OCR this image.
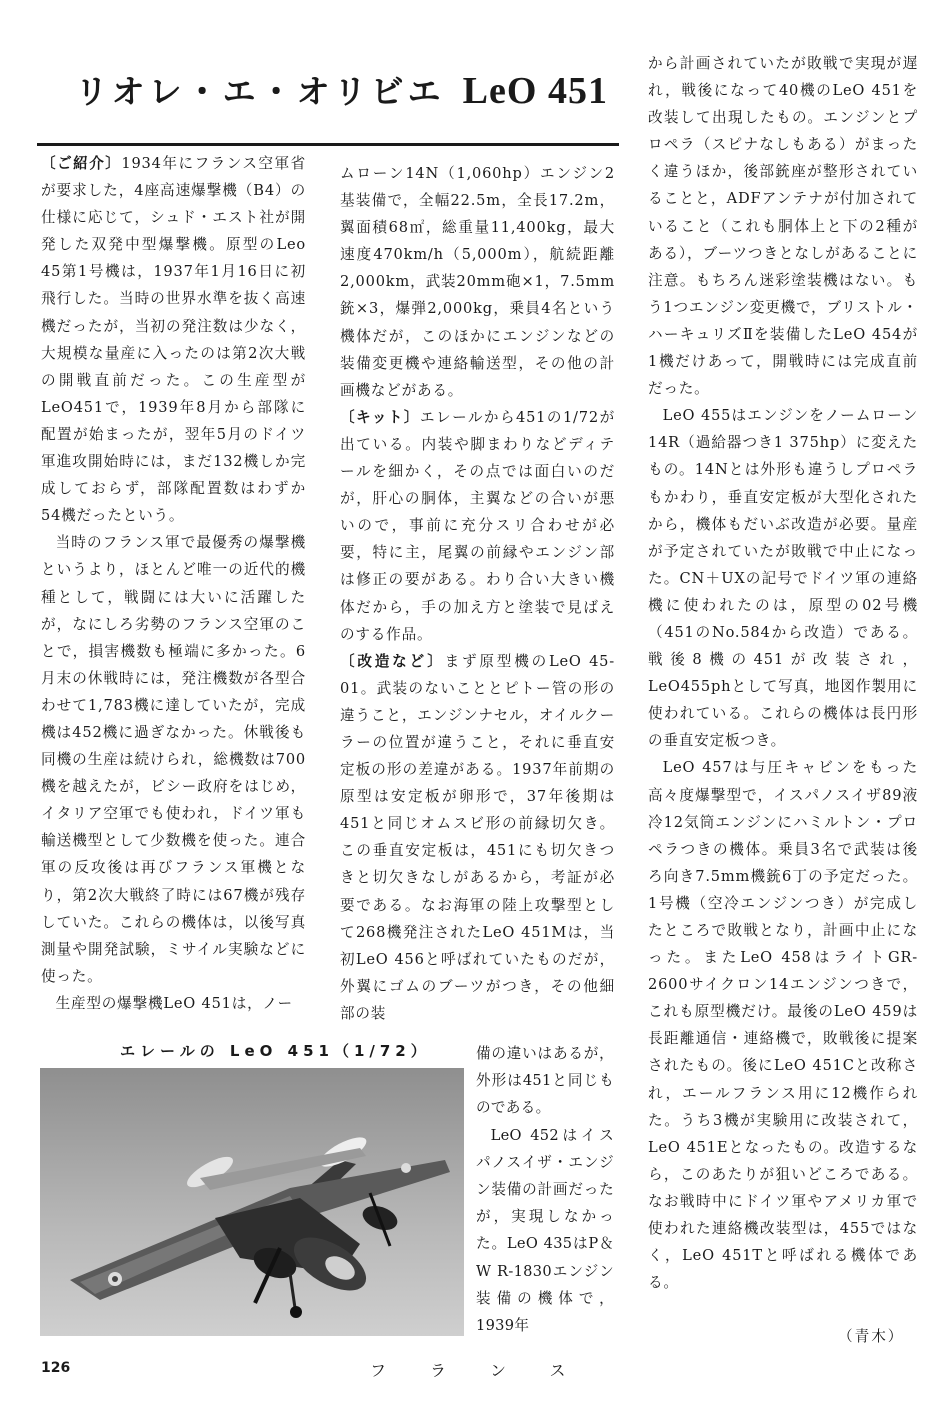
リオレ・エ・オリビエ LeO 451

〔ご紹介〕1934年にフランス空軍省が要求した，4座高速爆撃機（B4）の仕様に応じて，シュド・エスト社が開発した双発中型爆撃機。原型のLeo 45第1号機は，1937年1月16日に初飛行した。当時の世界水準を抜く高速機だったが，当初の発注数は少なく，大規模な量産に入ったのは第2次大戦の開戦直前だった。この生産型がLeO451で，1939年8月から部隊に配置が始まったが，翌年5月のドイツ軍進攻開始時には，まだ132機しか完成しておらず，部隊配置数はわずか54機だったという。

当時のフランス軍で最優秀の爆撃機というより，ほとんど唯一の近代的機種として，戦闘には大いに活躍したが，なにしろ劣勢のフランス空軍のことで，損害機数も極端に多かった。6月末の休戦時には，発注機数が各型合わせて1,783機に達していたが，完成機は452機に過ぎなかった。休戦後も同機の生産は続けられ，総機数は700機を越えたが，ビシー政府をはじめ，イタリア空軍でも使われ，ドイツ軍も輸送機型として少数機を使った。連合軍の反攻後は再びフランス軍機となり，第2次大戦終了時には67機が残存していた。これらの機体は，以後写真測量や開発試験，ミサイル実験などに使った。

生産型の爆撃機LeO 451は，ノー

ムローン14N（1,060hp）エンジン2基装備で，全幅22.5m，全長17.2m，翼面積68㎡，総重量11,400kg，最大速度470km/h（5,000m），航続距離2,000km，武装20mm砲×1，7.5mm銃×3，爆弾2,000kg，乗員4名という機体だが，このほかにエンジンなどの装備変更機や連絡輸送型，その他の計画機などがある。

〔キット〕エレールから451の1/72が出ている。内装や脚まわりなどディテールを細かく，その点では面白いのだが，肝心の胴体，主翼などの合いが悪いので，事前に充分スリ合わせが必要，特に主，尾翼の前縁やエンジン部は修正の要がある。わり合い大きい機体だから，手の加え方と塗装で見ばえのする作品。

〔改造など〕まず原型機のLeO 45-01。武装のないこととピトー管の形の違うこと，エンジンナセル，オイルクーラーの位置が違うこと，それに垂直安定板の形の差違がある。1937年前期の原型は安定板が卵形で，37年後期は451と同じオムスビ形の前縁切欠き。この垂直安定板は，451にも切欠きつきと切欠きなしがあるから，考証が必要である。なお海軍の陸上攻撃型として268機発注されたLeO 451Mは，当初LeO 456と呼ばれていたものだが，外翼にゴムのブーツがつき，その他細部の装

エレールの LeO 451（1/72）	備の違いはあるが，外形は451と同じものである。

LeO 452はイスパノスイザ・エンジン装備の計画だったが，実現しなかった。LeO 435はP＆W R-1830エンジン装備の機体で，1939年

から計画されていたが敗戦で実現が遅れ，戦後になって40機のLeO 451を改装して出現したもの。エンジンとプロペラ（スピナなしもある）がまったく違うほか，後部銃座が整形されていることと，ADFアンテナが付加されていること（これも胴体上と下の2種がある），ブーツつきとなしがあることに注意。もちろん迷彩塗装機はない。もう1つエンジン変更機で，ブリストル・ハーキュリズⅡを装備したLeO 454が1機だけあって，開戦時には完成直前だった。

LeO 455はエンジンをノームローン14R（過給器つき1 375hp）に変えたもの。14Nとは外形も違うしプロペラもかわり，垂直安定板が大型化されたから，機体もだいぶ改造が必要。量産が予定されていたが敗戦で中止になった。CN＋UXの記号でドイツ軍の連絡機に使われたのは，原型の02号機（451のNo.584から改造）である。戦後8機の451が改装され，LeO455phとして写真，地図作製用に使われている。これらの機体は長円形の垂直安定板つき。

LeO 457は与圧キャビンをもった高々度爆撃型で，イスパノスイザ89液冷12気筒エンジンにハミルトン・プロペラつきの機体。乗員3名で武装は後ろ向き7.5mm機銃6丁の予定だった。1号機（空冷エンジンつき）が完成したところで敗戦となり，計画中止になった。またLeO 458はライトGR-2600サイクロン14エンジンつきで，これも原型機だけ。最後のLeO 459は長距離通信・連絡機で，敗戦後に提案されたもの。後にLeO 451Cと改称され，エールフランス用に12機作られた。うち3機が実験用に改装されて，LeO 451Eとなったもの。改造するなら，このあたりが狙いどころである。なお戦時中にドイツ軍やアメリカ軍で使われた連絡機改装型は，455ではなく，LeO 451Tと呼ばれる機体である。

（青木）
126	フランス
